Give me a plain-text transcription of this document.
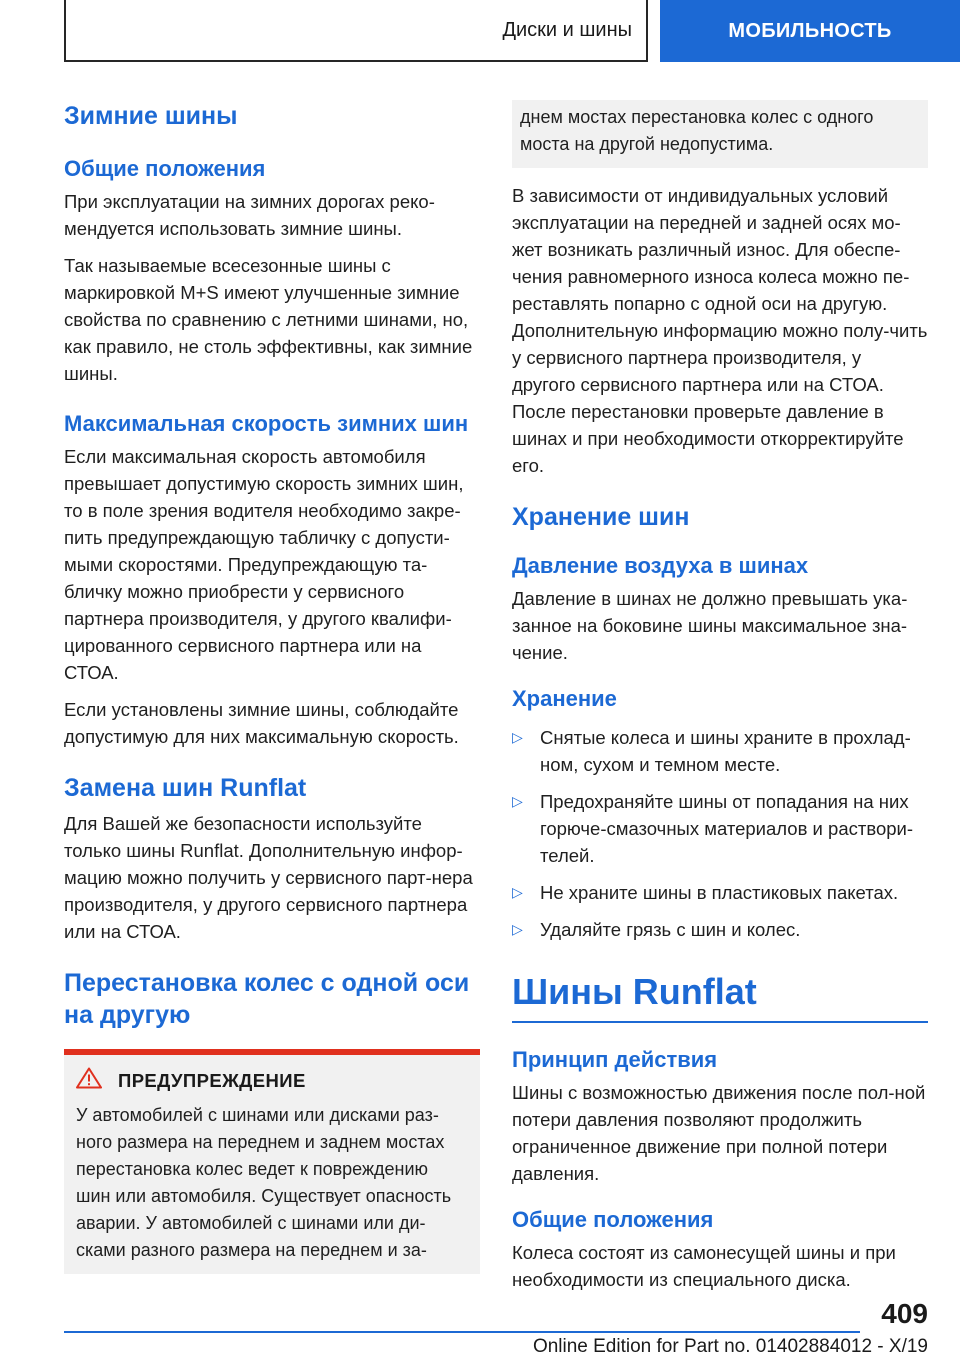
Диски и шины	МОБИЛЬНОСТЬ
Зимние шины
Общие положения

При эксплуатации на зимних дорогах реко-мендуется использовать зимние шины.

Так называемые всесезонные шины с маркировкой M+S имеют улучшенные зимние свойства по сравнению с летними шинами, но, как правило, не столь эффективны, как зимние шины.

Максимальная скорость зимних шин

Если максимальная скорость автомобиля превышает допустимую скорость зимних шин, то в поле зрения водителя необходимо закре-пить предупреждающую табличку с допусти-мыми скоростями. Предупреждающую та-бличку можно приобрести у сервисного партнера производителя, у другого квалифи-цированного сервисного партнера или на СТОА.

Если установлены зимние шины, соблюдайте допустимую для них максимальную скорость.

Замена шин Runflat

Для Вашей же безопасности используйте только шины Runflat. Дополнительную инфор-мацию можно получить у сервисного парт-нера производителя, у другого сервисного партнера или на СТОА.

Перестановка колес с одной оси на другую
ПРЕДУПРЕЖДЕНИЕ

У автомобилей с шинами или дисками раз-ного размера на переднем и заднем мостах перестановка колес ведет к повреждению шин или автомобиля. Существует опасность аварии. У автомобилей с шинами или ди-сками разного размера на переднем и за-

днем мостах перестановка колес с одного моста на другой недопустима.

В зависимости от индивидуальных условий эксплуатации на передней и задней осях мо-жет возникать различный износ. Для обеспе-чения равномерного износа колеса можно пе-реставлять попарно с одной оси на другую. Дополнительную информацию можно полу-чить у сервисного партнера производителя, у другого сервисного партнера или на СТОА. После перестановки проверьте давление в шинах и при необходимости откорректируйте его.

Хранение шин
Давление воздуха в шинах

Давление в шинах не должно превышать ука-занное на боковине шины максимальное зна-чение.

Хранение
▷ Снятые колеса и шины храните в прохлад-ном, сухом и темном месте.
▷ Предохраняйте шины от попадания на них горюче-смазочных материалов и раствори-телей.
▷ Не храните шины в пластиковых пакетах.
▷ Удаляйте грязь с шин и колес.
Шины Runflat
Принцип действия

Шины с возможностью движения после пол-ной потери давления позволяют продолжить ограниченное движение при полной потери давления.

Общие положения

Колеса состоят из самонесущей шины и при необходимости из специального диска.

409
Online Edition for Part no. 01402884012 - X/19
